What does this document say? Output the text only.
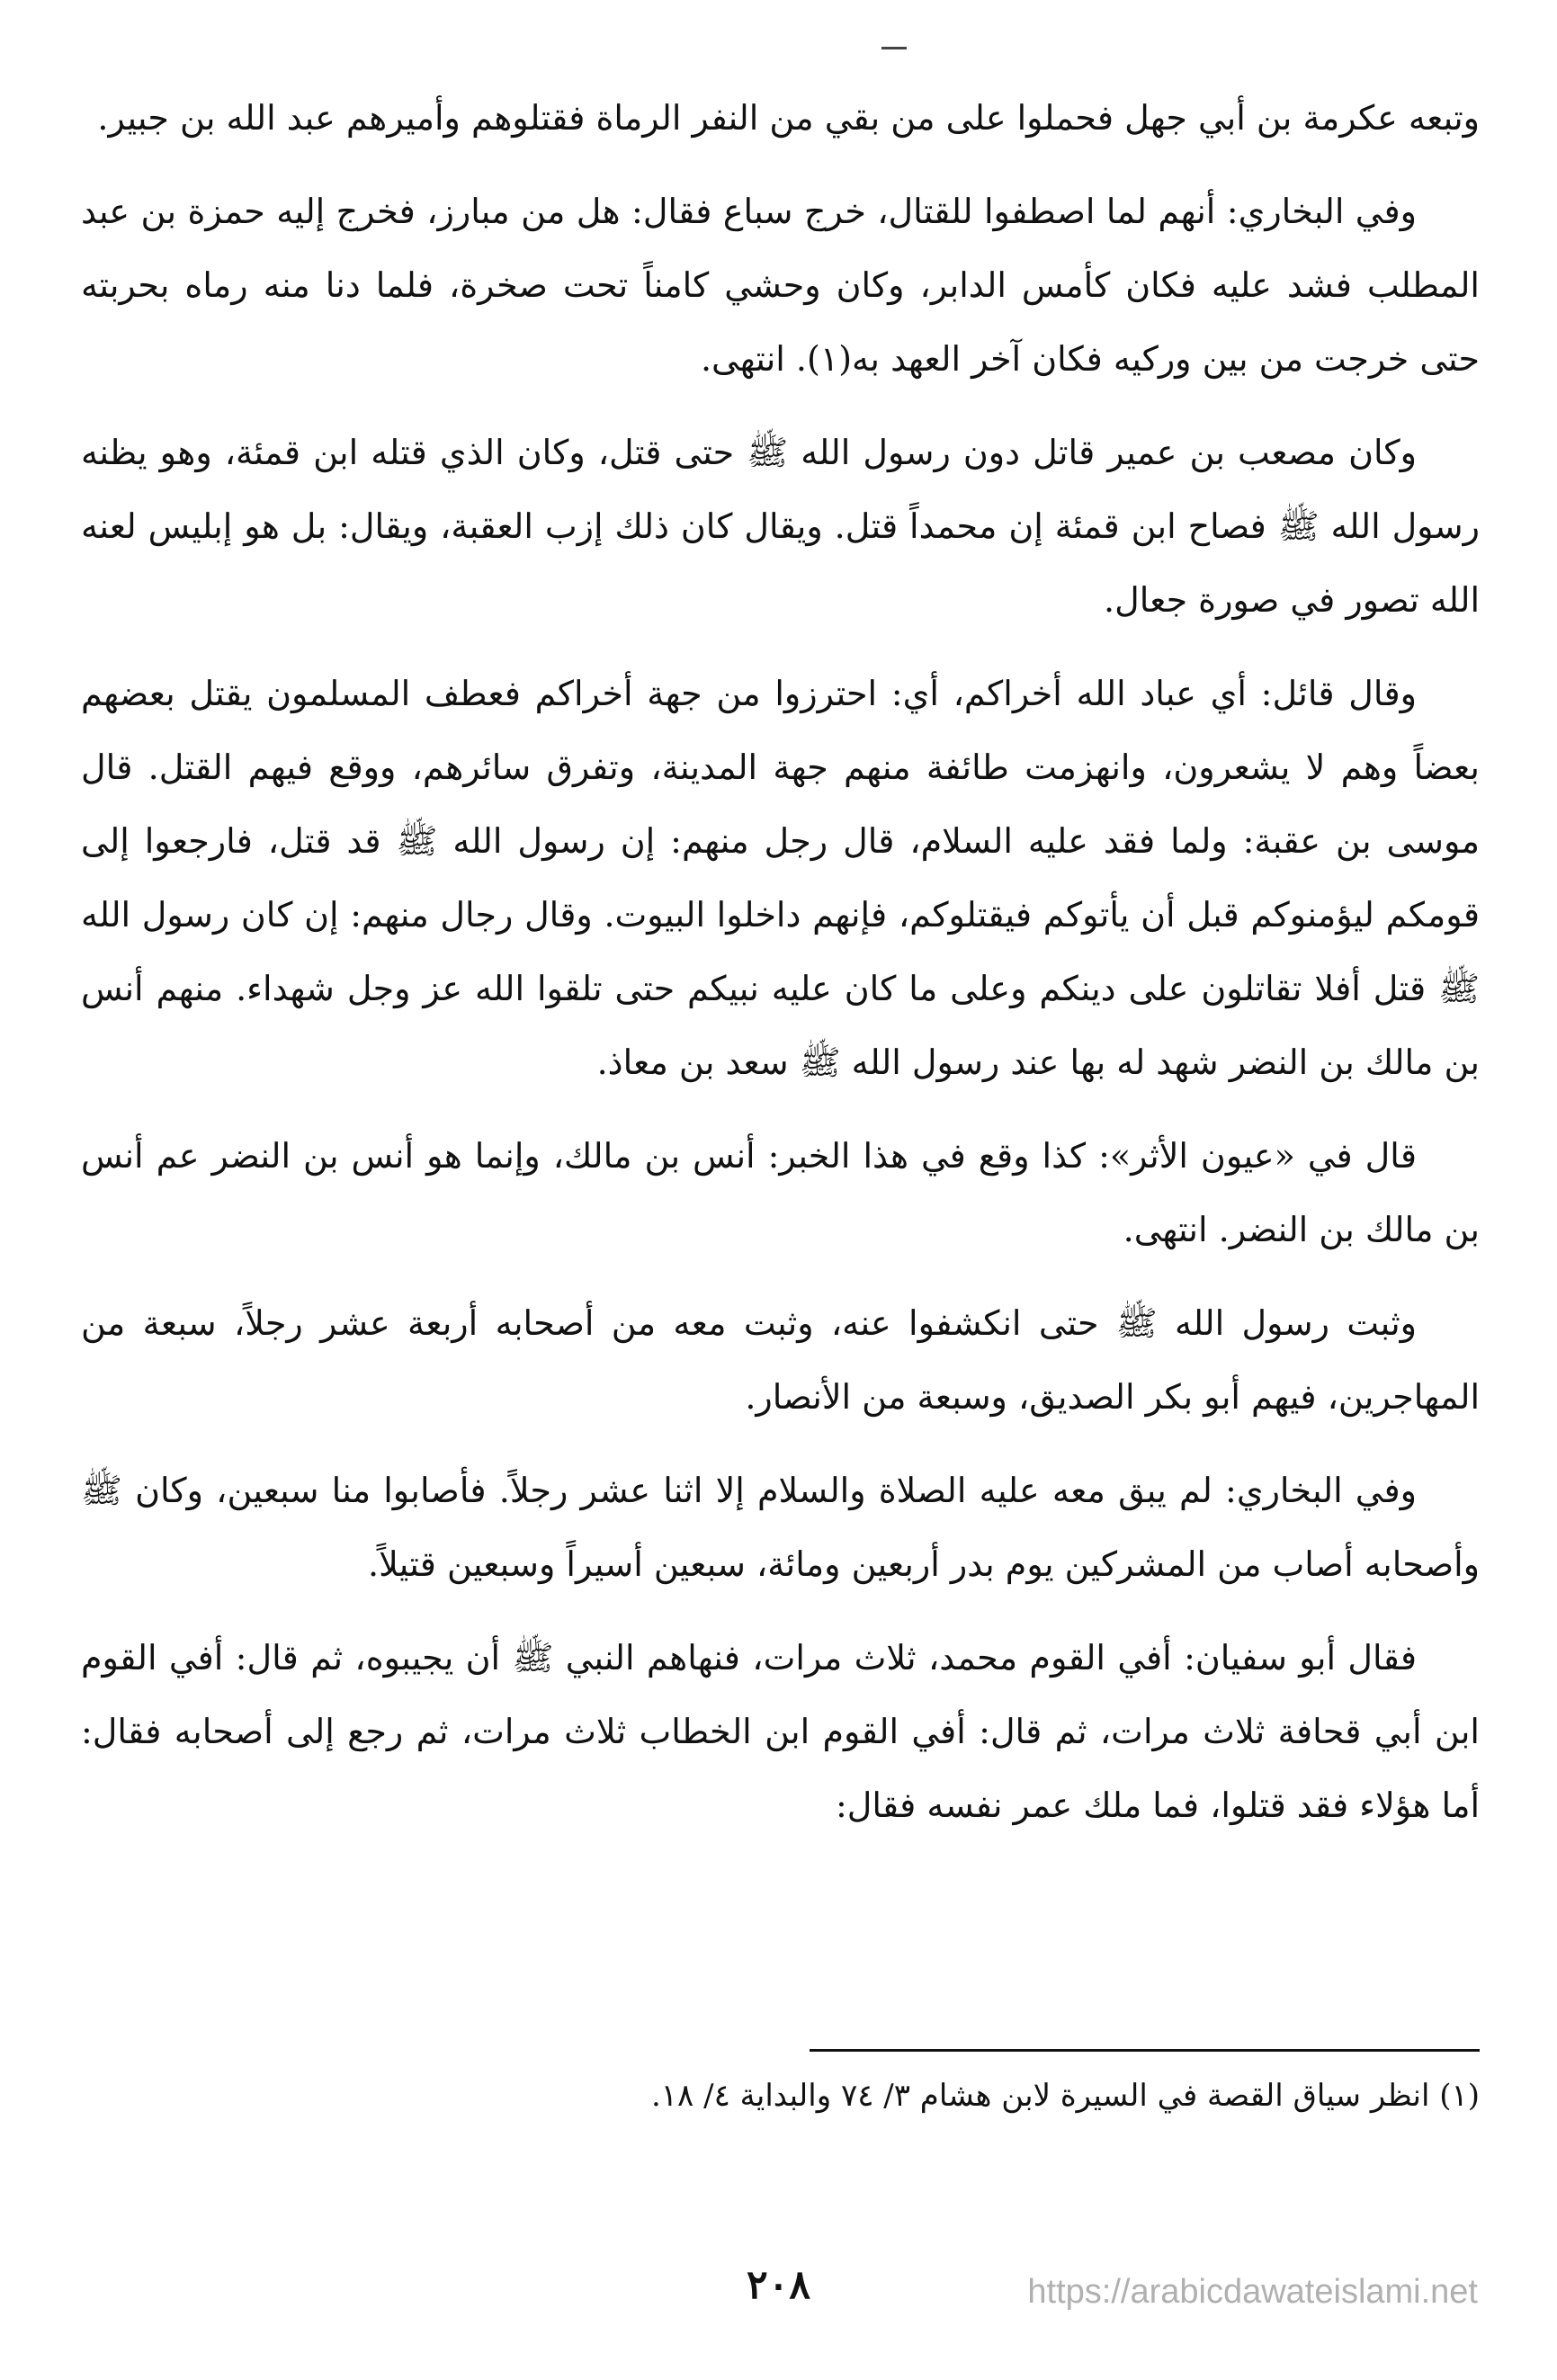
وتبعه عكرمة بن أبي جهل فحملوا على من بقي من النفر الرماة فقتلوهم وأميرهم عبد الله بن جبير.

وفي البخاري: أنهم لما اصطفوا للقتال، خرج سباع فقال: هل من مبارز، فخرج إليه حمزة بن عبد المطلب فشد عليه فكان كأمس الدابر، وكان وحشي كامناً تحت صخرة، فلما دنا منه رماه بحربته حتى خرجت من بين وركيه فكان آخر العهد به(١). انتهى.

وكان مصعب بن عمير قاتل دون رسول الله ﷺ حتى قتل، وكان الذي قتله ابن قمئة، وهو يظنه رسول الله ﷺ فصاح ابن قمئة إن محمداً قتل. ويقال كان ذلك إزب العقبة، ويقال: بل هو إبليس لعنه الله تصور في صورة جعال.

وقال قائل: أي عباد الله أخراكم، أي: احترزوا من جهة أخراكم فعطف المسلمون يقتل بعضهم بعضاً وهم لا يشعرون، وانهزمت طائفة منهم جهة المدينة، وتفرق سائرهم، ووقع فيهم القتل. قال موسى بن عقبة: ولما فقد عليه السلام، قال رجل منهم: إن رسول الله ﷺ قد قتل، فارجعوا إلى قومكم ليؤمنوكم قبل أن يأتوكم فيقتلوكم، فإنهم داخلوا البيوت. وقال رجال منهم: إن كان رسول الله ﷺ قتل أفلا تقاتلون على دينكم وعلى ما كان عليه نبيكم حتى تلقوا الله عز وجل شهداء. منهم أنس بن مالك بن النضر شهد له بها عند رسول الله ﷺ سعد بن معاذ.

قال في «عيون الأثر»: كذا وقع في هذا الخبر: أنس بن مالك، وإنما هو أنس بن النضر عم أنس بن مالك بن النضر. انتهى.

وثبت رسول الله ﷺ حتى انكشفوا عنه، وثبت معه من أصحابه أربعة عشر رجلاً، سبعة من المهاجرين، فيهم أبو بكر الصديق، وسبعة من الأنصار.

وفي البخاري: لم يبق معه عليه الصلاة والسلام إلا اثنا عشر رجلاً. فأصابوا منا سبعين، وكان ﷺ وأصحابه أصاب من المشركين يوم بدر أربعين ومائة، سبعين أسيراً وسبعين قتيلاً.

فقال أبو سفيان: أفي القوم محمد، ثلاث مرات، فنهاهم النبي ﷺ أن يجيبوه، ثم قال: أفي القوم ابن أبي قحافة ثلاث مرات، ثم قال: أفي القوم ابن الخطاب ثلاث مرات، ثم رجع إلى أصحابه فقال: أما هؤلاء فقد قتلوا، فما ملك عمر نفسه فقال:

(١) انظر سياق القصة في السيرة لابن هشام ٣/ ٧٤ والبداية ٤/ ١٨.
٢٠٨	https://arabicdawateislami.net
